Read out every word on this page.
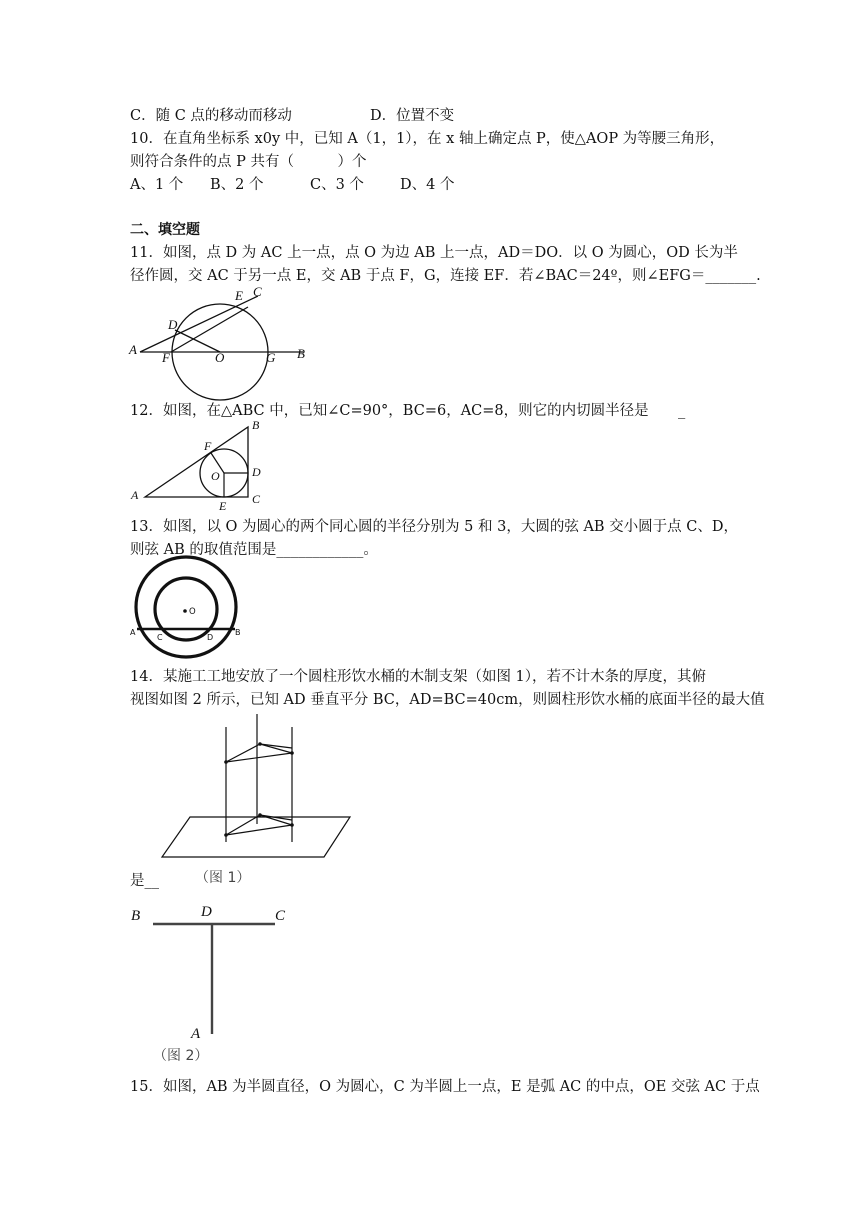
C．随 C 点的移动而移动	D．位置不变
10．在直角坐标系 x0y 中，已知 A（1，1），在 x 轴上确定点 P，使△AOP 为等腰三角形，
则符合条件的点 P 共有（　　　）个
A、1 个 B、2 个	C、3 个 D、4 个
二、填空题
11．如图，点 D 为 AC 上一点，点 O 为边 AB 上一点，AD＝DO．以 O 为圆心，OD 长为半
径作圆，交 AC 于另一点 E，交 AB 于点 F，G，连接 EF．若∠BAC＝24º，则∠EFG＝_______.
A	B
C
D
E
F	G
O
12．如图，在△ABC 中，已知∠C=90°，BC=6，AC=8，则它的内切圆半径是 _
A
B
C
D
E
F
O
13．如图，以 O 为圆心的两个同心圆的半径分别为 5 和 3，大圆的弦 AB 交小圆于点 C、D，
则弦 AB 的取值范围是____________。
O
A	B
C	D
14．某施工工地安放了一个圆柱形饮水桶的木制支架（如图 1），若不计木条的厚度，其俯
视图如图 2 所示，已知 AD 垂直平分 BC，AD=BC=40cm，则圆柱形饮水桶的底面半径的最大值
是__	（图 1）
B	C
D
A
（图 2）
15．如图，AB 为半圆直径，O 为圆心，C 为半圆上一点，E 是弧 AC 的中点，OE 交弦 AC 于点
